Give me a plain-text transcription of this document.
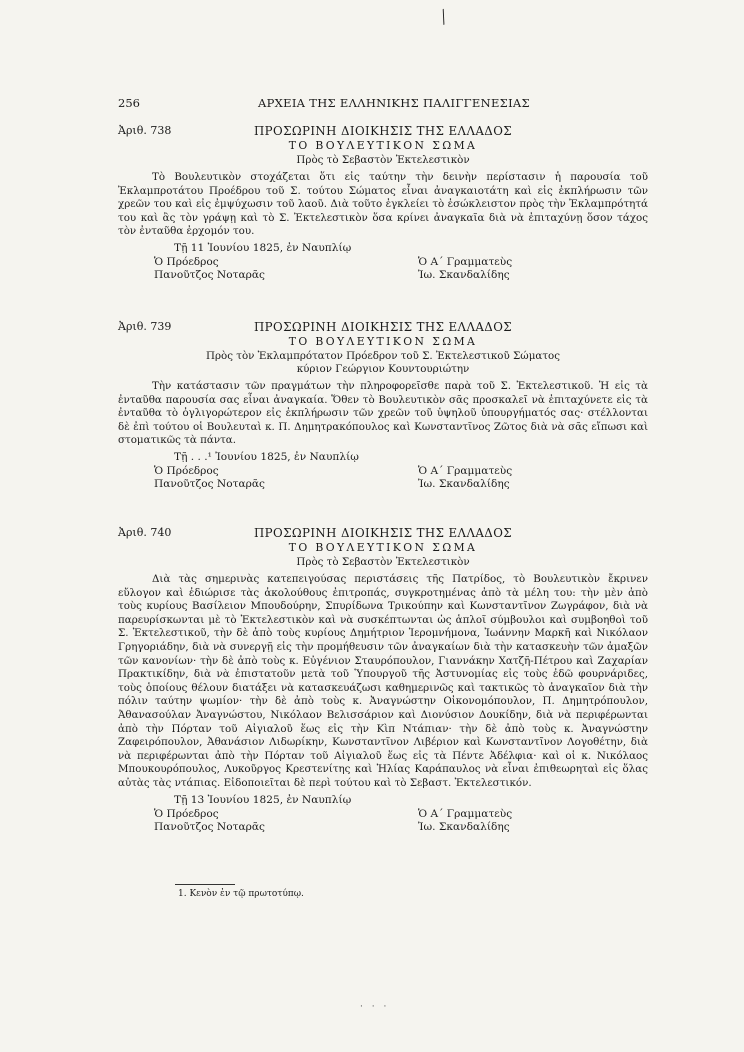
╱
256	ΑΡΧΕΙΑ ΤΗΣ ΕΛΛΗΝΙΚΗΣ ΠΑΛΙΓΓΕΝΕΣΙΑΣ
Ἀριθ. 738	ΠΡΟΣΩΡΙΝΗ ΔΙΟΙΚΗΣΙΣ ΤΗΣ ΕΛΛΑΔΟΣ
ΤΟ ΒΟΥΛΕΥΤΙΚΟΝ ΣΩΜΑ
Πρὸς τὸ Σεβαστὸν Ἐκτελεστικὸν
Τὸ Βουλευτικὸν στοχάζεται ὅτι εἰς ταύτην τὴν δεινὴν περίστασιν ἡ παρουσία τοῦ Ἐκλαμπροτάτου Προέδρου τοῦ Σ. τούτου Σώματος εἶναι ἀναγκαιοτάτη καὶ εἰς ἐκπλήρωσιν τῶν χρεῶν του καὶ εἰς ἐμψύχωσιν τοῦ λαοῦ. Διὰ τοῦτο ἐγκλείει τὸ ἐσώκλειστον πρὸς τὴν Ἐκλαμπρότητά του καὶ ἂς τὸν γράψῃ καὶ τὸ Σ. Ἐκτελεστικὸν ὅσα κρίνει ἀναγκαῖα διὰ νὰ ἐπιταχύνῃ ὅσον τάχος τὸν ἐνταῦθα ἐρχομόν του.
Τῇ 11 Ἰουνίου 1825, ἐν Ναυπλίῳ
Ὁ Πρόεδρος
Πανοῦτζος Νοταρᾶς
Ὁ Α΄ Γραμματεὺς
Ἰω. Σκανδαλίδης
Ἀριθ. 739	ΠΡΟΣΩΡΙΝΗ ΔΙΟΙΚΗΣΙΣ ΤΗΣ ΕΛΛΑΔΟΣ
ΤΟ ΒΟΥΛΕΥΤΙΚΟΝ ΣΩΜΑ
Πρὸς τὸν Ἐκλαμπρότατον Πρόεδρον τοῦ Σ. Ἐκτελεστικοῦ Σώματος
κύριον Γεώργιον Κουντουριώτην
Τὴν κατάστασιν τῶν πραγμάτων τὴν πληροφορεῖσθε παρὰ τοῦ Σ. Ἐκτελεστικοῦ. Ἡ εἰς τὰ ἐνταῦθα παρουσία σας εἶναι ἀναγκαία. Ὅθεν τὸ Βουλευτικὸν σᾶς προσκαλεῖ νὰ ἐπιταχύνετε εἰς τὰ ἐνταῦθα τὸ ὀγλιγορώτερον εἰς ἐκπλήρωσιν τῶν χρεῶν τοῦ ὑψηλοῦ ὑπουργήματός σας· στέλλονται δὲ ἐπὶ τούτου οἱ Βουλευταὶ κ. Π. Δημητρακόπουλος καὶ Κωνσταντῖνος Ζῶτος διὰ νὰ σᾶς εἴπωσι καὶ στοματικῶς τὰ πάντα.
Τῇ . . .¹ Ἰουνίου 1825, ἐν Ναυπλίῳ
Ὁ Πρόεδρος
Πανοῦτζος Νοταρᾶς
Ὁ Α΄ Γραμματεὺς
Ἰω. Σκανδαλίδης
Ἀριθ. 740	ΠΡΟΣΩΡΙΝΗ ΔΙΟΙΚΗΣΙΣ ΤΗΣ ΕΛΛΑΔΟΣ
ΤΟ ΒΟΥΛΕΥΤΙΚΟΝ ΣΩΜΑ
Πρὸς τὸ Σεβαστὸν Ἐκτελεστικὸν
Διὰ τὰς σημερινὰς κατεπειγούσας περιστάσεις τῆς Πατρίδος, τὸ Βουλευτικὸν ἔκρινεν εὔλογον καὶ ἐδιώρισε τὰς ἀκολούθους ἐπιτροπάς, συγκροτημένας ἀπὸ τὰ μέλη του: τὴν μὲν ἀπὸ τοὺς κυρίους Βασίλειον Μπουδούρην, Σπυρίδωνα Τρικούπην καὶ Κωνσταντῖνον Ζωγράφον, διὰ νὰ παρευρίσκωνται μὲ τὸ Ἐκτελεστικὸν καὶ νὰ συσκέπτωνται ὡς ἁπλοῖ σύμβουλοι καὶ συμβοηθοὶ τοῦ Σ. Ἐκτελεστικοῦ, τὴν δὲ ἀπὸ τοὺς κυρίους Δημήτριον Ἱερομνήμονα, Ἰωάννην Μαρκῆ καὶ Νικόλαον Γρηγοριάδην, διὰ νὰ συνεργῇ εἰς τὴν προμήθευσιν τῶν ἀναγκαίων διὰ τὴν κατασκευὴν τῶν ἀμαξῶν τῶν κανονίων· τὴν δὲ ἀπὸ τοὺς κ. Εὐγένιον Σταυρόπουλον, Γιαννάκην Χατζῆ-Πέτρου καὶ Ζαχαρίαν Πρακτικίδην, διὰ νὰ ἐπιστατοῦν μετὰ τοῦ Ὑπουργοῦ τῆς Ἀστυνομίας εἰς τοὺς ἐδῶ φουρνάριδες, τοὺς ὁποίους θέλουν διατάξει νὰ κατασκευάζωσι καθημερινῶς καὶ τακτικῶς τὸ ἀναγκαῖον διὰ τὴν πόλιν ταύτην ψωμίον· τὴν δὲ ἀπὸ τοὺς κ. Ἀναγνώστην Οἰκονομόπουλον, Π. Δημητρόπουλον, Ἀθανασούλαν Ἀναγνώστου, Νικόλαον Βελισσάριον καὶ Διονύσιον Δουκίδην, διὰ νὰ περιφέρωνται ἀπὸ τὴν Πόρταν τοῦ Αἰγιαλοῦ ἕως εἰς τὴν Κὶπ Ντάπιαν· τὴν δὲ ἀπὸ τοὺς κ. Ἀναγνώστην Ζαφειρόπουλον, Ἀθανάσιον Λιδωρίκην, Κωνσταντῖνον Λιβέριον καὶ Κωνσταντῖνον Λογοθέτην, διὰ νὰ περιφέρωνται ἀπὸ τὴν Πόρταν τοῦ Αἰγιαλοῦ ἕως εἰς τὰ Πέντε Ἀδέλφια· καὶ οἱ κ. Νικόλαος Μπουκουρόπουλος, Λυκοῦργος Κρεστενίτης καὶ Ἠλίας Καράπαυλος νὰ εἶναι ἐπιθεωρηταὶ εἰς ὅλας αὐτὰς τὰς ντάπιας. Εἰδοποιεῖται δὲ περὶ τούτου καὶ τὸ Σεβαστ. Ἐκτελεστικόν.
Τῇ 13 Ἰουνίου 1825, ἐν Ναυπλίῳ
Ὁ Πρόεδρος
Πανοῦτζος Νοταρᾶς
Ὁ Α΄ Γραμματεὺς
Ἰω. Σκανδαλίδης
1. Κενὸν ἐν τῷ πρωτοτύπῳ.
· · ·
